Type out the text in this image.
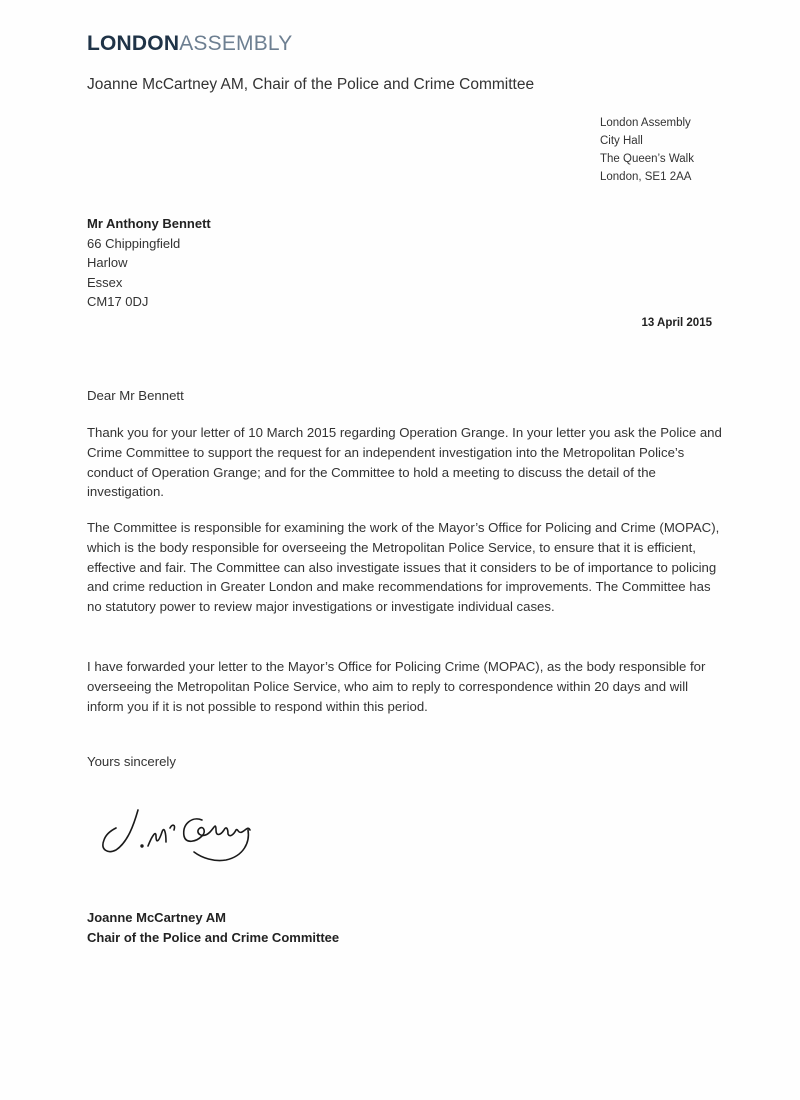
LONDONASSEMBLY
Joanne McCartney AM, Chair of the Police and Crime Committee
London Assembly
City Hall
The Queen’s Walk
London, SE1 2AA
Mr Anthony Bennett
66 Chippingfield
Harlow
Essex
CM17 0DJ
13 April 2015
Dear Mr Bennett
Thank you for your letter of 10 March 2015 regarding Operation Grange. In your letter you ask the Police and Crime Committee to support the request for an independent investigation into the Metropolitan Police’s conduct of Operation Grange; and for the Committee to hold a meeting to discuss the detail of the investigation.
The Committee is responsible for examining the work of the Mayor’s Office for Policing and Crime (MOPAC), which is the body responsible for overseeing the Metropolitan Police Service, to ensure that it is efficient, effective and fair. The Committee can also investigate issues that it considers to be of importance to policing and crime reduction in Greater London and make recommendations for improvements. The Committee has no statutory power to review major investigations or investigate individual cases.
I have forwarded your letter to the Mayor’s Office for Policing Crime (MOPAC), as the body responsible for overseeing the Metropolitan Police Service, who aim to reply to correspondence within 20 days and will inform you if it is not possible to respond within this period.
Yours sincerely
Joanne McCartney AM
Chair of the Police and Crime Committee
